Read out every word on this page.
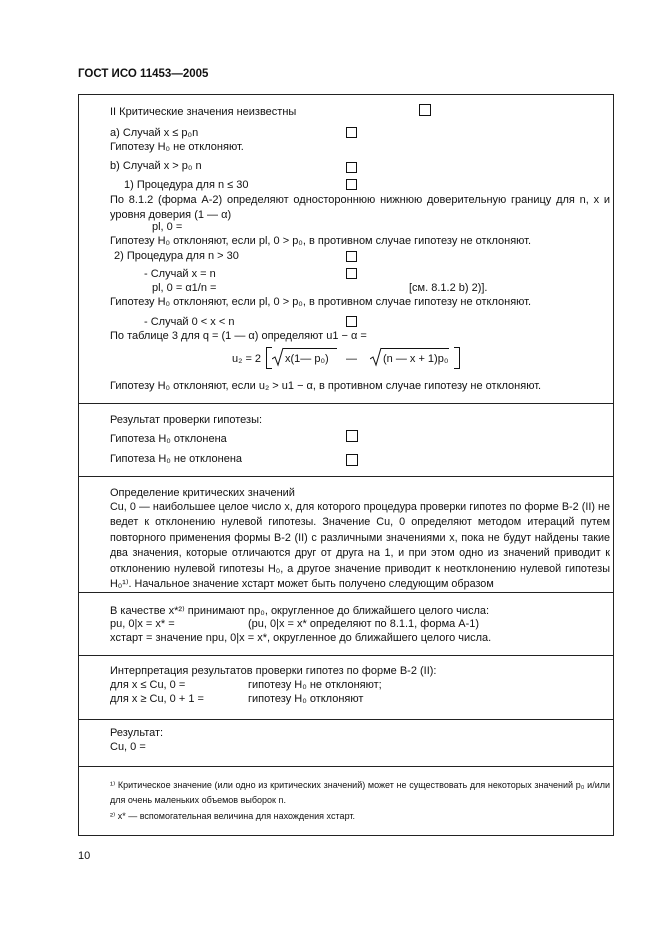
ГОСТ ИСО 11453—2005
II Критические значения неизвестны
a) Случай x ≤ p₀n
Гипотезу H₀ не отклоняют.
b) Случай x > p₀ n
1) Процедура для n ≤ 30
По 8.1.2 (форма А-2) определяют одностороннюю нижнюю доверительную границу для n, x и уровня доверия (1 — α)
pl, 0 =
Гипотезу H₀ отклоняют, если pl, 0 > p₀, в противном случае гипотезу не отклоняют.
2) Процедура для n > 30
- Случай x = n
pl, 0 = α1/n =	[см. 8.1.2 b) 2)].
Гипотезу H₀ отклоняют, если pl, 0 > p₀, в противном случае гипотезу не отклоняют.
- Случай 0 < x < n
По таблице 3 для q = (1 — α) определяют u1 − α =
u₂ = 2 x(1— p₀) — (n — x + 1)p₀
Гипотезу H₀ отклоняют, если u₂ > u1 − α, в противном случае гипотезу не отклоняют.
Результат проверки гипотезы:
Гипотеза H₀ отклонена
Гипотеза H₀ не отклонена
Определение критических значений
Cu, 0 — наибольшее целое число x, для которого процедура проверки гипотез по форме В-2 (II) не ведет к отклонению нулевой гипотезы. Значение Cu, 0 определяют методом итераций путем повторного применения формы В-2 (II) с различными значениями x, пока не будут найдены такие два значения, которые отличаются друг от друга на 1, и при этом одно из значений приводит к отклонению нулевой гипотезы H₀, а другое значение приводит к неотклонению нулевой гипотезы H₀¹⁾. Начальное значение xстарт может быть получено следующим образом
В качестве x*²⁾ принимают np₀, округленное до ближайшего целого числа:
pu, 0|x = x* =	(pu, 0|x = x* определяют по 8.1.1, форма А-1)
xстарт = значение npu, 0|x = x*, округленное до ближайшего целого числа.
Интерпретация результатов проверки гипотез по форме В-2 (II):
для x ≤ Cu, 0 =	гипотезу H₀ не отклоняют;
для x ≥ Cu, 0 + 1 =	гипотезу H₀ отклоняют
Результат:
Cu, 0 =
¹⁾ Критическое значение (или одно из критических значений) может не существовать для некоторых значений p₀ и/или для очень маленьких объемов выборок n.
²⁾ x* — вспомогательная величина для нахождения xстарт.
10
